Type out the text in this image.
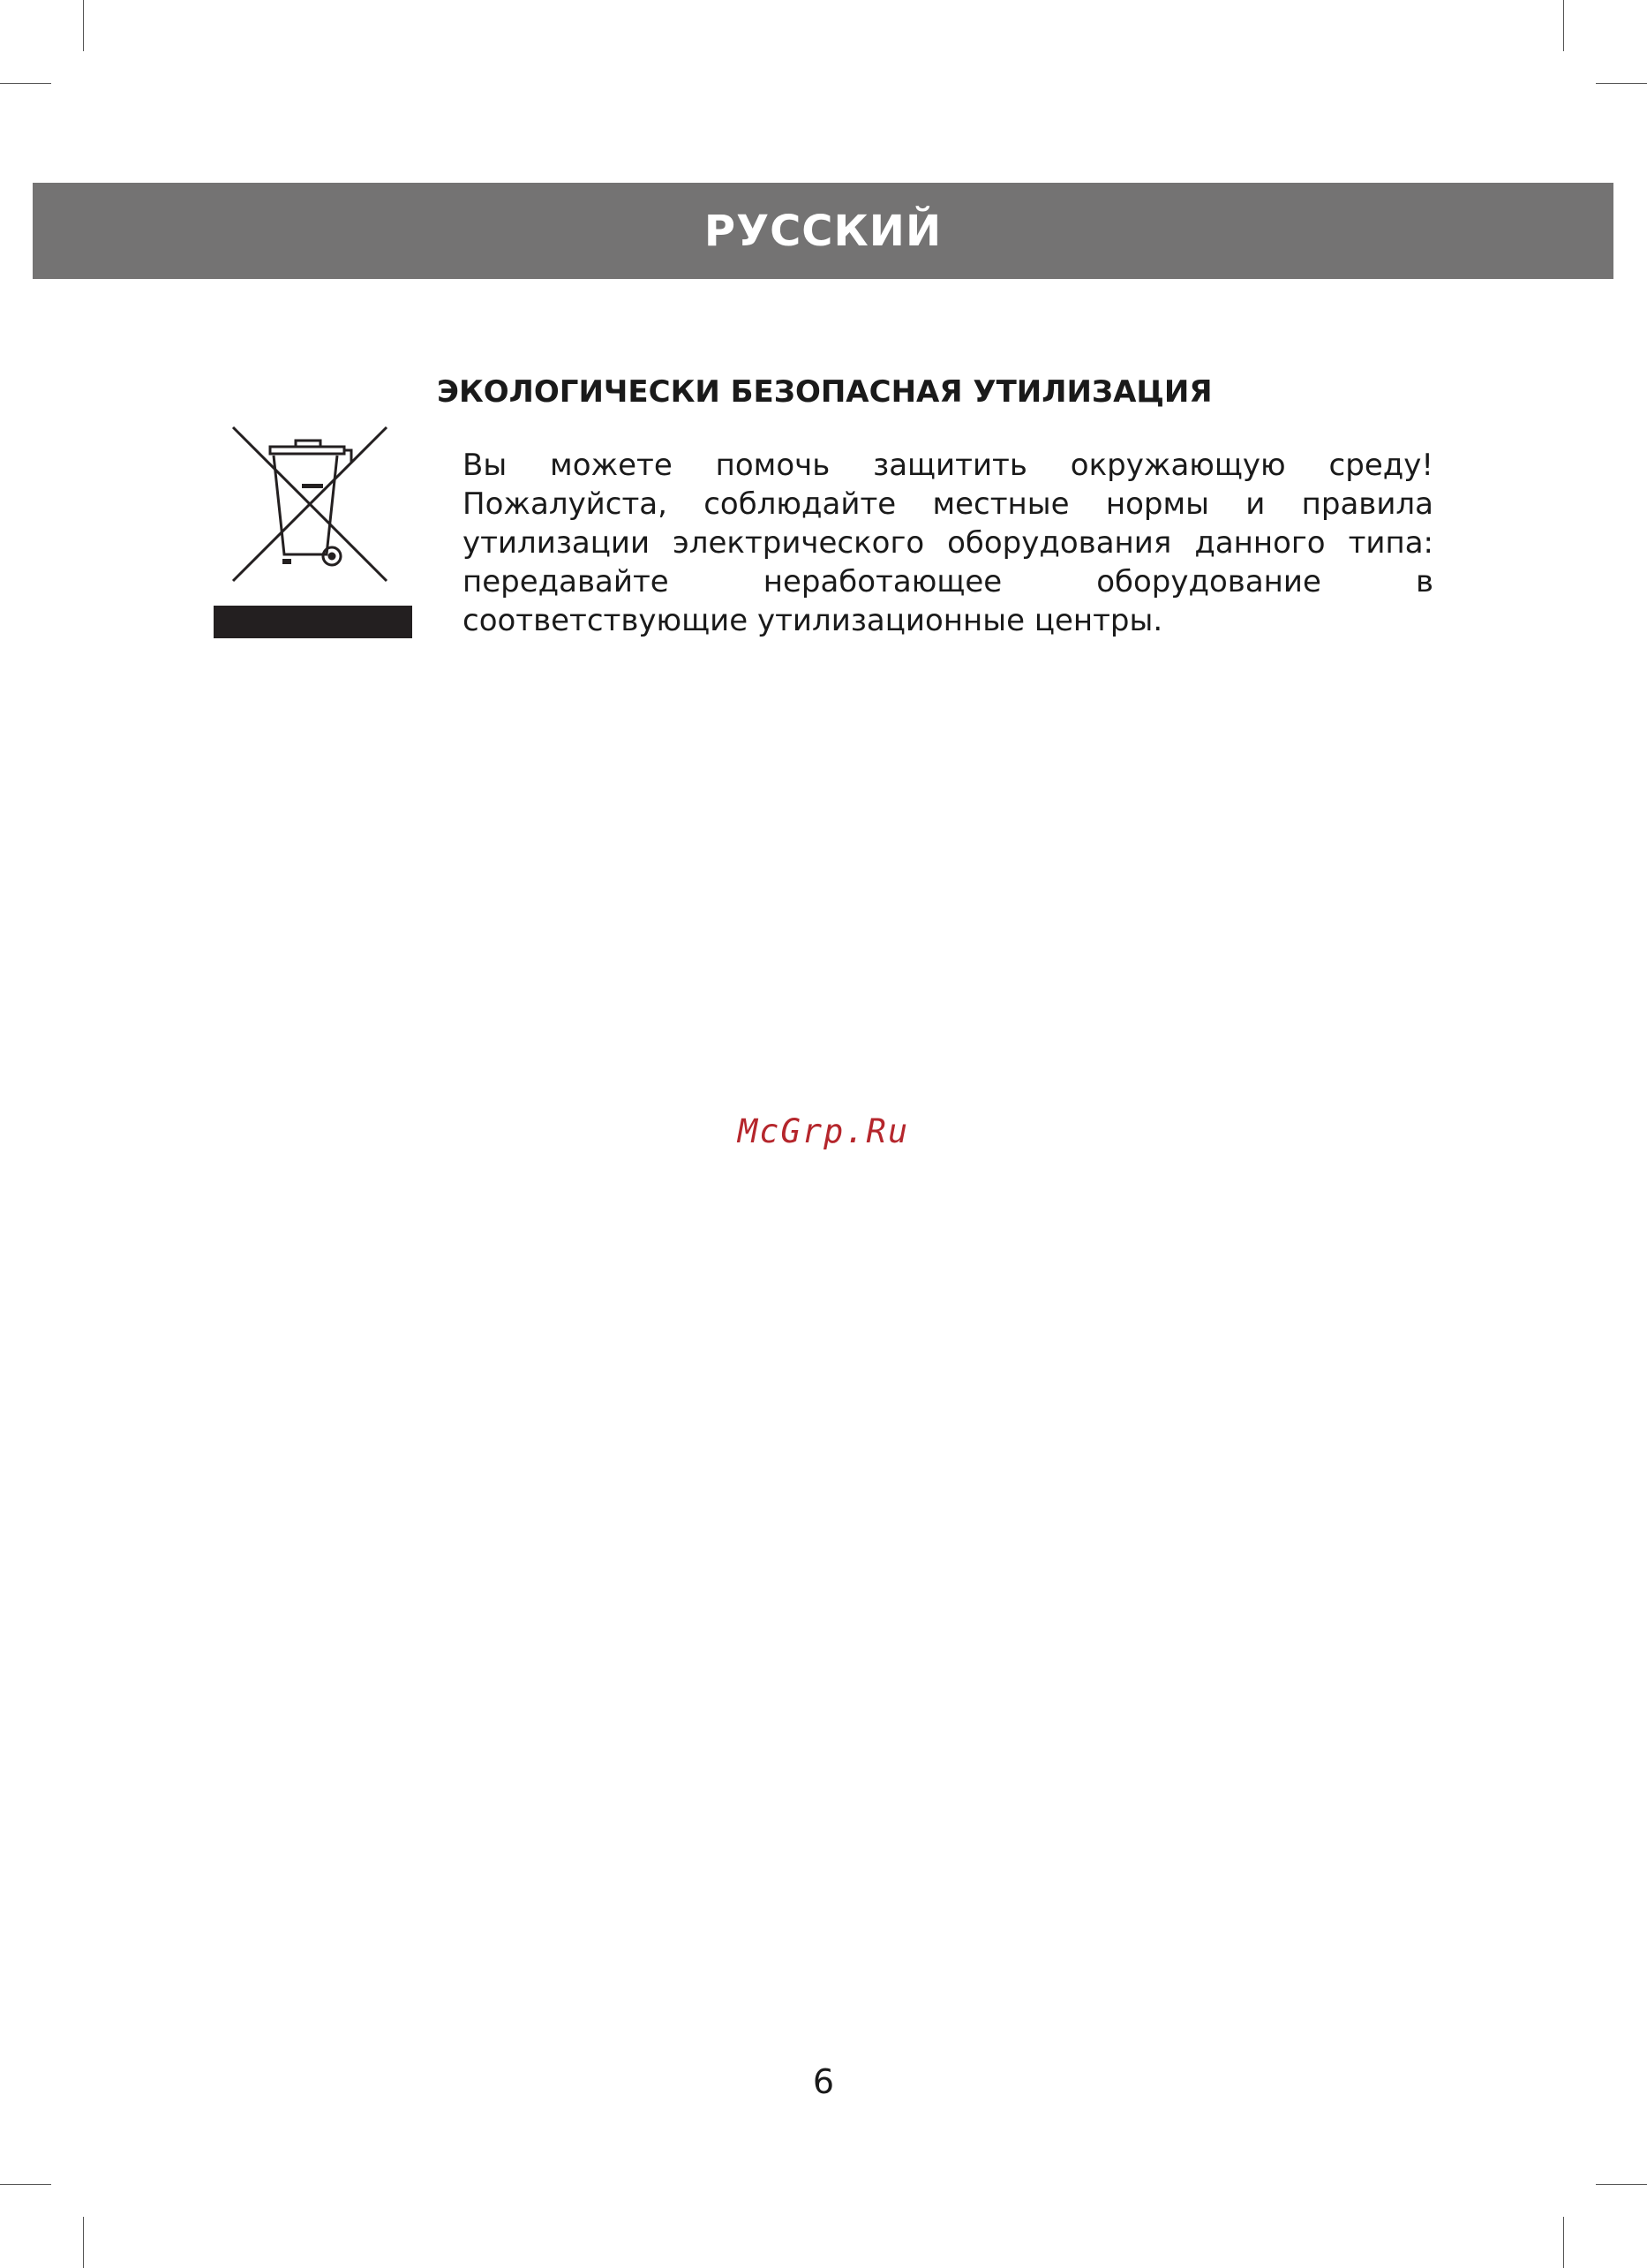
РУССКИЙ
ЭКОЛОГИЧЕСКИ БЕЗОПАСНАЯ УТИЛИЗАЦИЯ
Вы можете помочь защитить окружающую среду! Пожалуйста, соблюдайте местные нормы и правила утилизации электрического оборудования данного типа: передавайте неработающее оборудование в соответствующие утилизационные центры.
McGrp.Ru
6
